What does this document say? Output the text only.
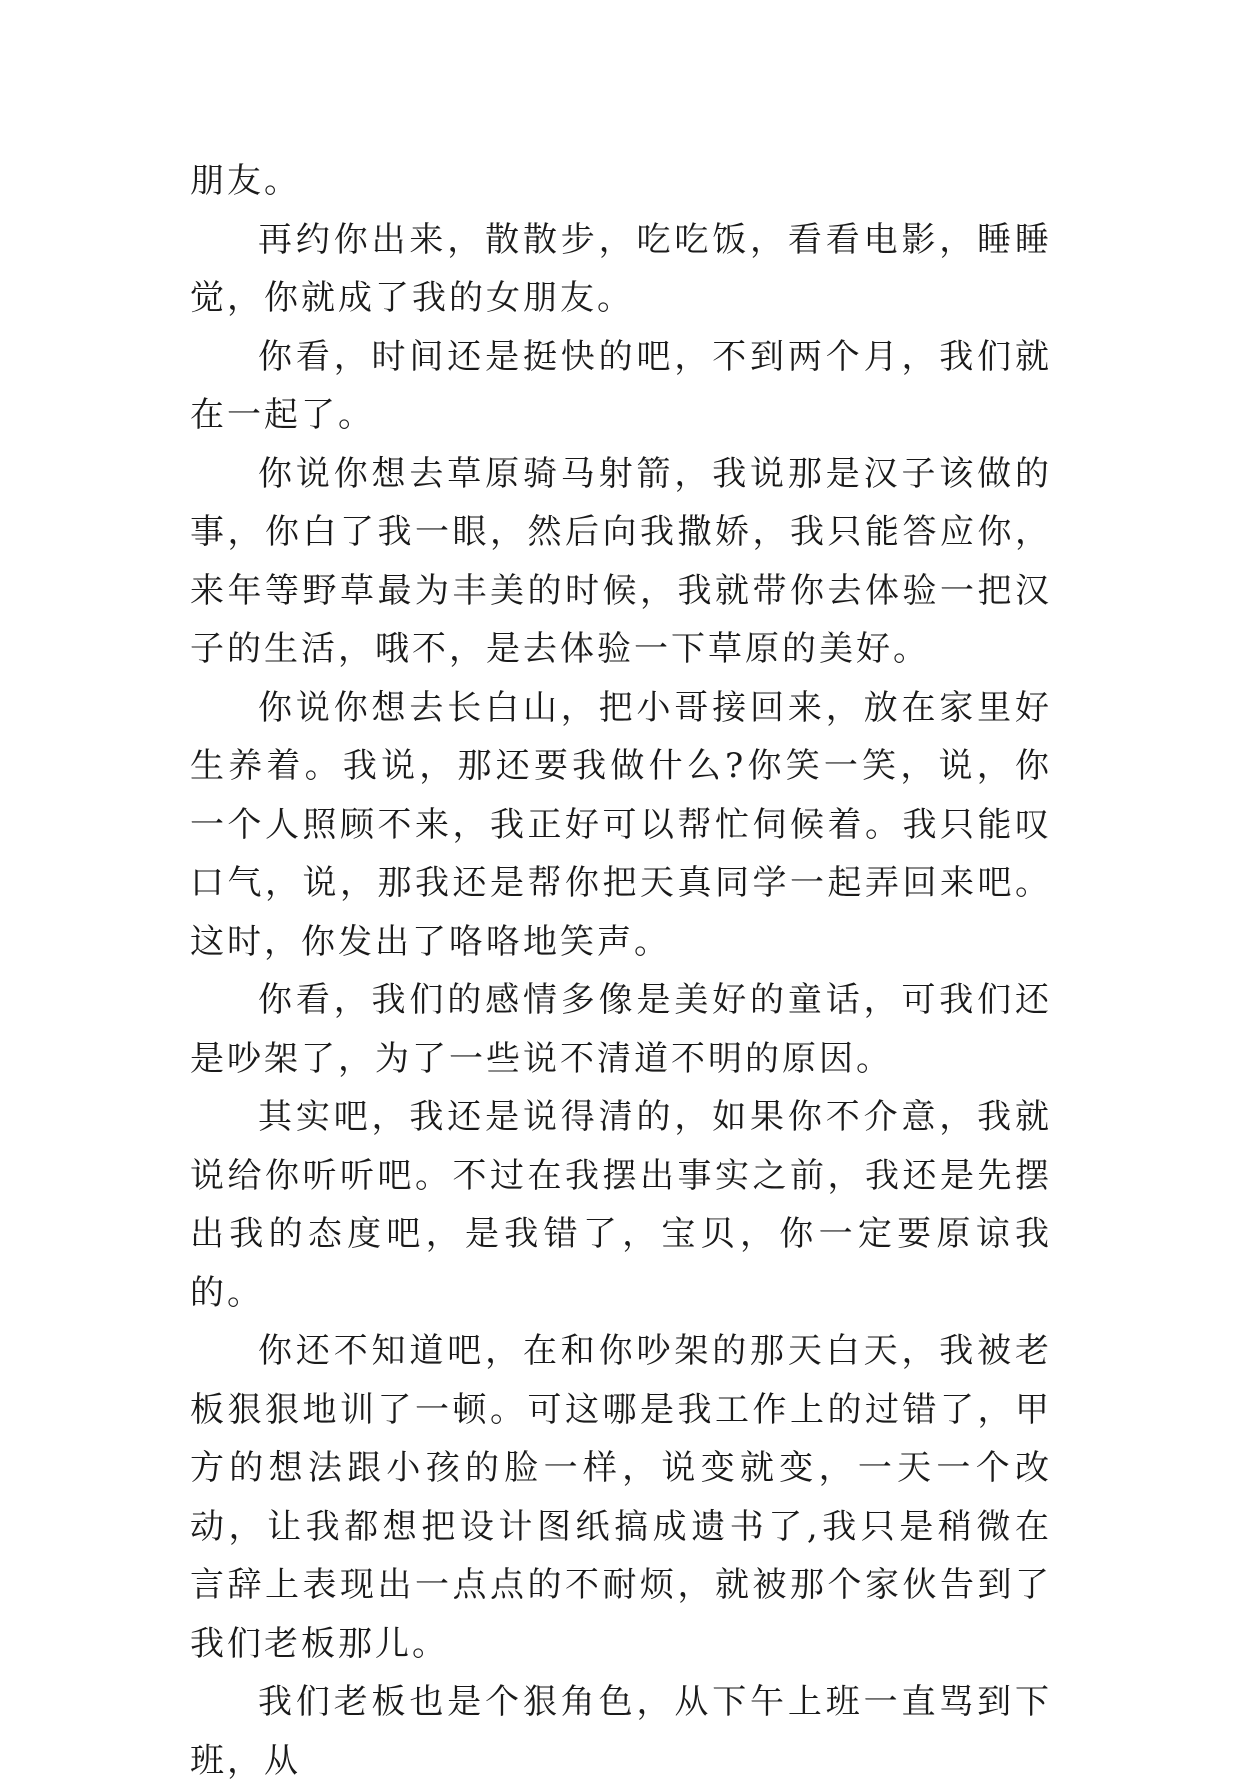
朋友。

再约你出来，散散步，吃吃饭，看看电影，睡睡觉，你就成了我的女朋友。

你看，时间还是挺快的吧，不到两个月，我们就在一起了。

你说你想去草原骑马射箭，我说那是汉子该做的事，你白了我一眼，然后向我撒娇，我只能答应你，来年等野草最为丰美的时候，我就带你去体验一把汉子的生活，哦不，是去体验一下草原的美好。

你说你想去长白山，把小哥接回来，放在家里好生养着。我说，那还要我做什么?你笑一笑，说，你一个人照顾不来，我正好可以帮忙伺候着。我只能叹口气，说，那我还是帮你把天真同学一起弄回来吧。这时，你发出了咯咯地笑声。

你看，我们的感情多像是美好的童话，可我们还是吵架了，为了一些说不清道不明的原因。

其实吧，我还是说得清的，如果你不介意，我就说给你听听吧。不过在我摆出事实之前，我还是先摆出我的态度吧，是我错了，宝贝，你一定要原谅我的。

你还不知道吧，在和你吵架的那天白天，我被老板狠狠地训了一顿。可这哪是我工作上的过错了，甲方的想法跟小孩的脸一样，说变就变，一天一个改动，让我都想把设计图纸搞成遗书了,我只是稍微在言辞上表现出一点点的不耐烦，就被那个家伙告到了我们老板那儿。

我们老板也是个狠角色，从下午上班一直骂到下班，从
